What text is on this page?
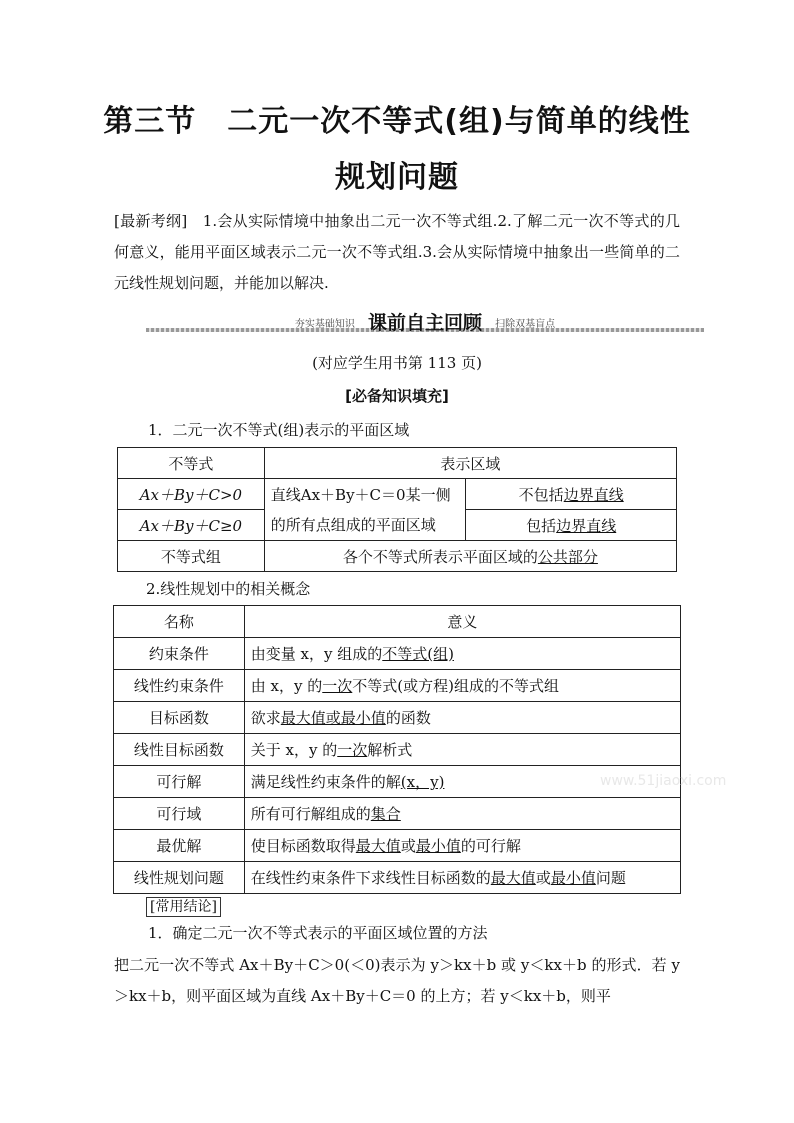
第三节　二元一次不等式(组)与简单的线性
规划问题
[最新考纲]　1.会从实际情境中抽象出二元一次不等式组.2.了解二元一次不等式的几何意义，能用平面区域表示二元一次不等式组.3.会从实际情境中抽象出一些简单的二元线性规划问题，并能加以解决.
夯实基础知识 课前自主回顾 扫除双基盲点
(对应学生用书第 113 页)
[必备知识填充]
1．二元一次不等式(组)表示的平面区域
不等式	表示区域	
Ax＋By＋C>0	直线Ax＋By＋C＝0某一侧的所有点组成的平面区域	不包括边界直线
Ax＋By＋C≥0		包括边界直线
不等式组	各个不等式所表示平面区域的公共部分	
2.线性规划中的相关概念
名称	意义
约束条件	由变量 x，y 组成的不等式(组)
线性约束条件	由 x，y 的一次不等式(或方程)组成的不等式组
目标函数	欲求最大值或最小值的函数
线性目标函数	关于 x，y 的一次解析式
可行解	满足线性约束条件的解(x，y)
可行域	所有可行解组成的集合
最优解	使目标函数取得最大值或最小值的可行解
线性规划问题	在线性约束条件下求线性目标函数的最大值或最小值问题
[常用结论]
1．确定二元一次不等式表示的平面区域位置的方法
把二元一次不等式 Ax＋By＋C＞0(＜0)表示为 y＞kx＋b 或 y＜kx＋b 的形式．若 y＞kx＋b，则平面区域为直线 Ax＋By＋C＝0 的上方；若 y＜kx＋b，则平
www.51jiaoxi.com
